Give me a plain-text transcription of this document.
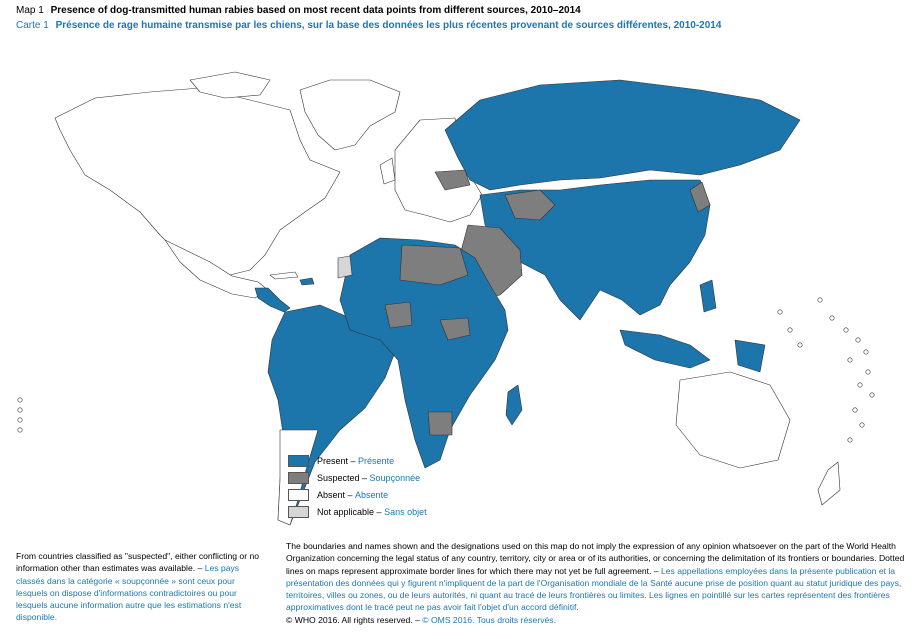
Map 1 Presence of dog-transmitted human rabies based on most recent data points from different sources, 2010–2014
Carte 1 Présence de rage humaine transmise par les chiens, sur la base des données les plus récentes provenant de sources différentes, 2010-2014
Present – Présente
Suspected – Soupçonnée
Absent – Absente
Not applicable – Sans objet
From countries classified as "suspected", either conflicting or no information other than estimates was available. – Les pays classés dans la catégorie « soupçonnée » sont ceux pour lesquels on dispose d'informations contradictoires ou pour lesquels aucune information autre que les estimations n'est disponible.
The boundaries and names shown and the designations used on this map do not imply the expression of any opinion whatsoever on the part of the World Health Organization concerning the legal status of any country, territory, city or area or of its authorities, or concerning the delimitation of its frontiers or boundaries. Dotted lines on maps represent approximate border lines for which there may not yet be full agreement. – Les appellations employées dans la présente publication et la présentation des données qui y figurent n'impliquent de la part de l'Organisation mondiale de la Santé aucune prise de position quant au statut juridique des pays, territoires, villes ou zones, ou de leurs autorités, ni quant au tracé de leurs frontières ou limites. Les lignes en pointillé sur les cartes représentent des frontières approximatives dont le tracé peut ne pas avoir fait l'objet d'un accord définitif.
© WHO 2016. All rights reserved. – © OMS 2016. Tous droits réservés.
